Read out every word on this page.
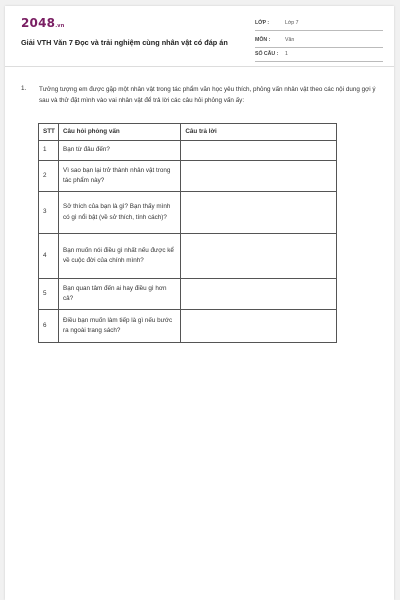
2048.vn
Giải VTH Văn 7 Đọc và trải nghiệm cùng nhân vật có đáp án
LỚP :	Lớp 7
MÔN :	Văn
SỐ CÂU : 1
1. Tưởng tượng em được gặp một nhân vật trong tác phẩm văn học yêu thích, phỏng vấn nhân vật theo các nội dung gợi ý sau và thử đặt mình vào vai nhân vật để trả lời các câu hỏi phỏng vấn ấy:
STT	Câu hỏi phỏng vấn	Câu trả lời
1	Bạn từ đâu đến?	
2	Vì sao bạn lại trở thành nhân vật trong tác phẩm này?	
3	Sở thích của bạn là gì? Bạn thấy mình có gì nổi bật (về sở thích, tính cách)?	
4	Bạn muốn nói điều gì nhất nếu được kể về cuộc đời của chính mình?	
5	Bạn quan tâm đến ai hay điều gì hơn cả?	
6	Điều bạn muốn làm tiếp là gì nếu bước ra ngoài trang sách?	
